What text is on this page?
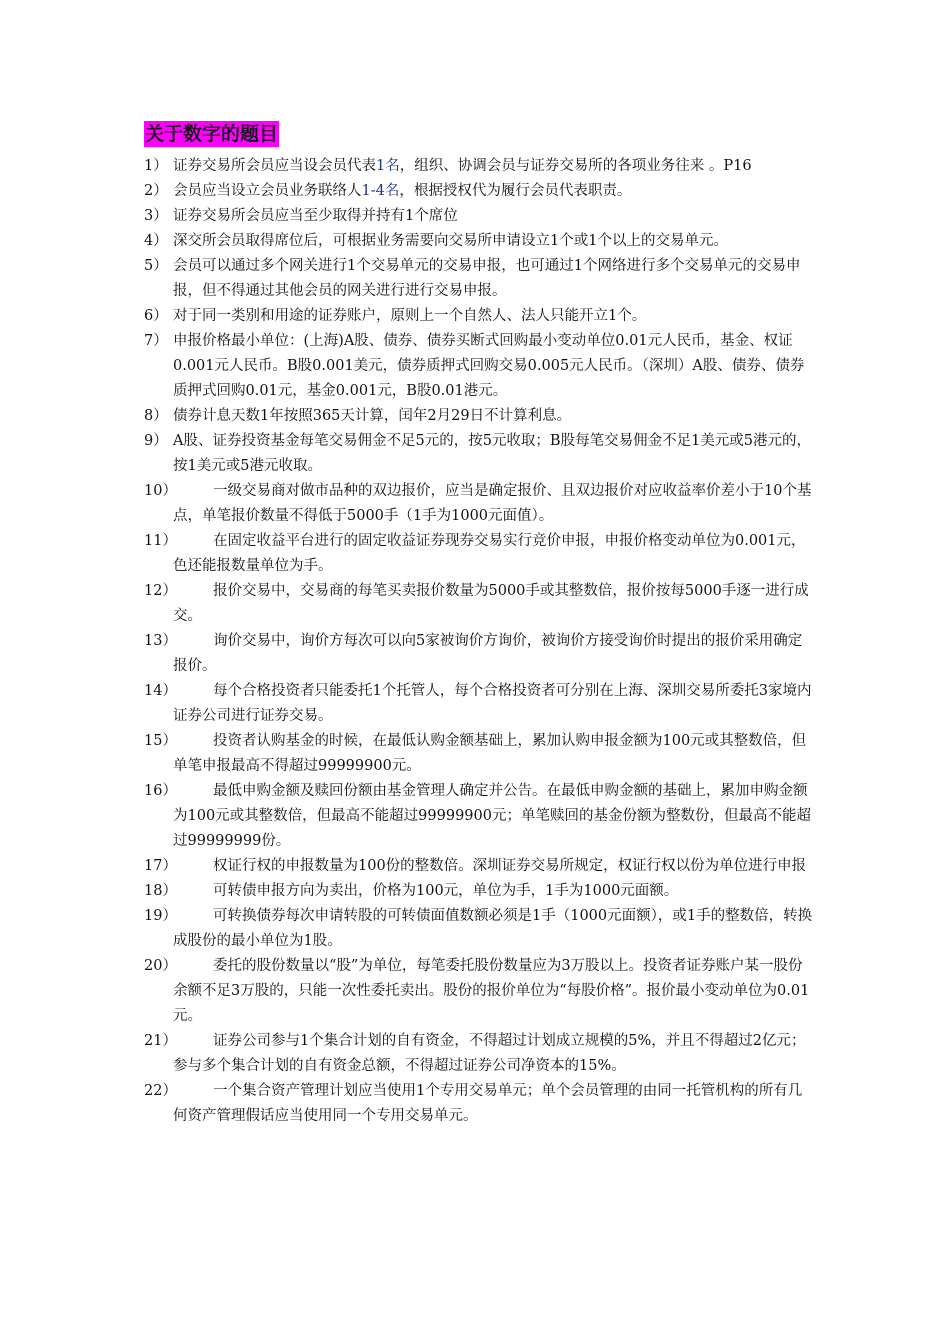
关于数字的题目
1） 证券交易所会员应当设会员代表1名，组织、协调会员与证券交易所的各项业务往来 。P16
2） 会员应当设立会员业务联络人1-4名，根据授权代为履行会员代表职责。
3） 证券交易所会员应当至少取得并持有1个席位
4） 深交所会员取得席位后，可根据业务需要向交易所申请设立1个或1个以上的交易单元。
5） 会员可以通过多个网关进行1个交易单元的交易申报，也可通过1个网络进行多个交易单元的交易申报，但不得通过其他会员的网关进行进行交易申报。
6） 对于同一类别和用途的证券账户，原则上一个自然人、法人只能开立1个。
7） 申报价格最小单位：(上海)A股、债券、债券买断式回购最小变动单位0.01元人民币，基金、权证0.001元人民币。B股0.001美元，债券质押式回购交易0.005元人民币。（深圳）A股、债券、债券质押式回购0.01元，基金0.001元，B股0.01港元。
8） 债券计息天数1年按照365天计算，闰年2月29日不计算利息。
9） A股、证券投资基金每笔交易佣金不足5元的，按5元收取；B股每笔交易佣金不足1美元或5港元的，按1美元或5港元收取。
10）	一级交易商对做市品种的双边报价，应当是确定报价、且双边报价对应收益率价差小于10个基点，单笔报价数量不得低于5000手（1手为1000元面值）。
11）	在固定收益平台进行的固定收益证券现券交易实行竞价申报，申报价格变动单位为0.001元，色还能报数量单位为手。
12）	报价交易中，交易商的每笔买卖报价数量为5000手或其整数倍，报价按每5000手逐一进行成交。
13）	询价交易中，询价方每次可以向5家被询价方询价，被询价方接受询价时提出的报价采用确定报价。
14）	每个合格投资者只能委托1个托管人，每个合格投资者可分别在上海、深圳交易所委托3家境内证券公司进行证券交易。
15）	投资者认购基金的时候，在最低认购金额基础上，累加认购申报金额为100元或其整数倍，但单笔申报最高不得超过99999900元。
16）	最低申购金额及赎回份额由基金管理人确定并公告。在最低申购金额的基础上，累加申购金额为100元或其整数倍，但最高不能超过99999900元；单笔赎回的基金份额为整数份，但最高不能超过99999999份。
17）	权证行权的申报数量为100份的整数倍。深圳证券交易所规定，权证行权以份为单位进行申报
18）	可转债申报方向为卖出，价格为100元，单位为手，1手为1000元面额。
19）	可转换债券每次申请转股的可转债面值数额必须是1手（1000元面额），或1手的整数倍，转换成股份的最小单位为1股。
20）	委托的股份数量以“股”为单位，每笔委托股份数量应为3万股以上。投资者证券账户某一股份余额不足3万股的，只能一次性委托卖出。股份的报价单位为“每股价格”。报价最小变动单位为0.01元。
21）	证券公司参与1个集合计划的自有资金，不得超过计划成立规模的5%，并且不得超过2亿元；参与多个集合计划的自有资金总额，不得超过证券公司净资本的15%。
22）	一个集合资产管理计划应当使用1个专用交易单元；单个会员管理的由同一托管机构的所有几何资产管理假话应当使用同一个专用交易单元。
